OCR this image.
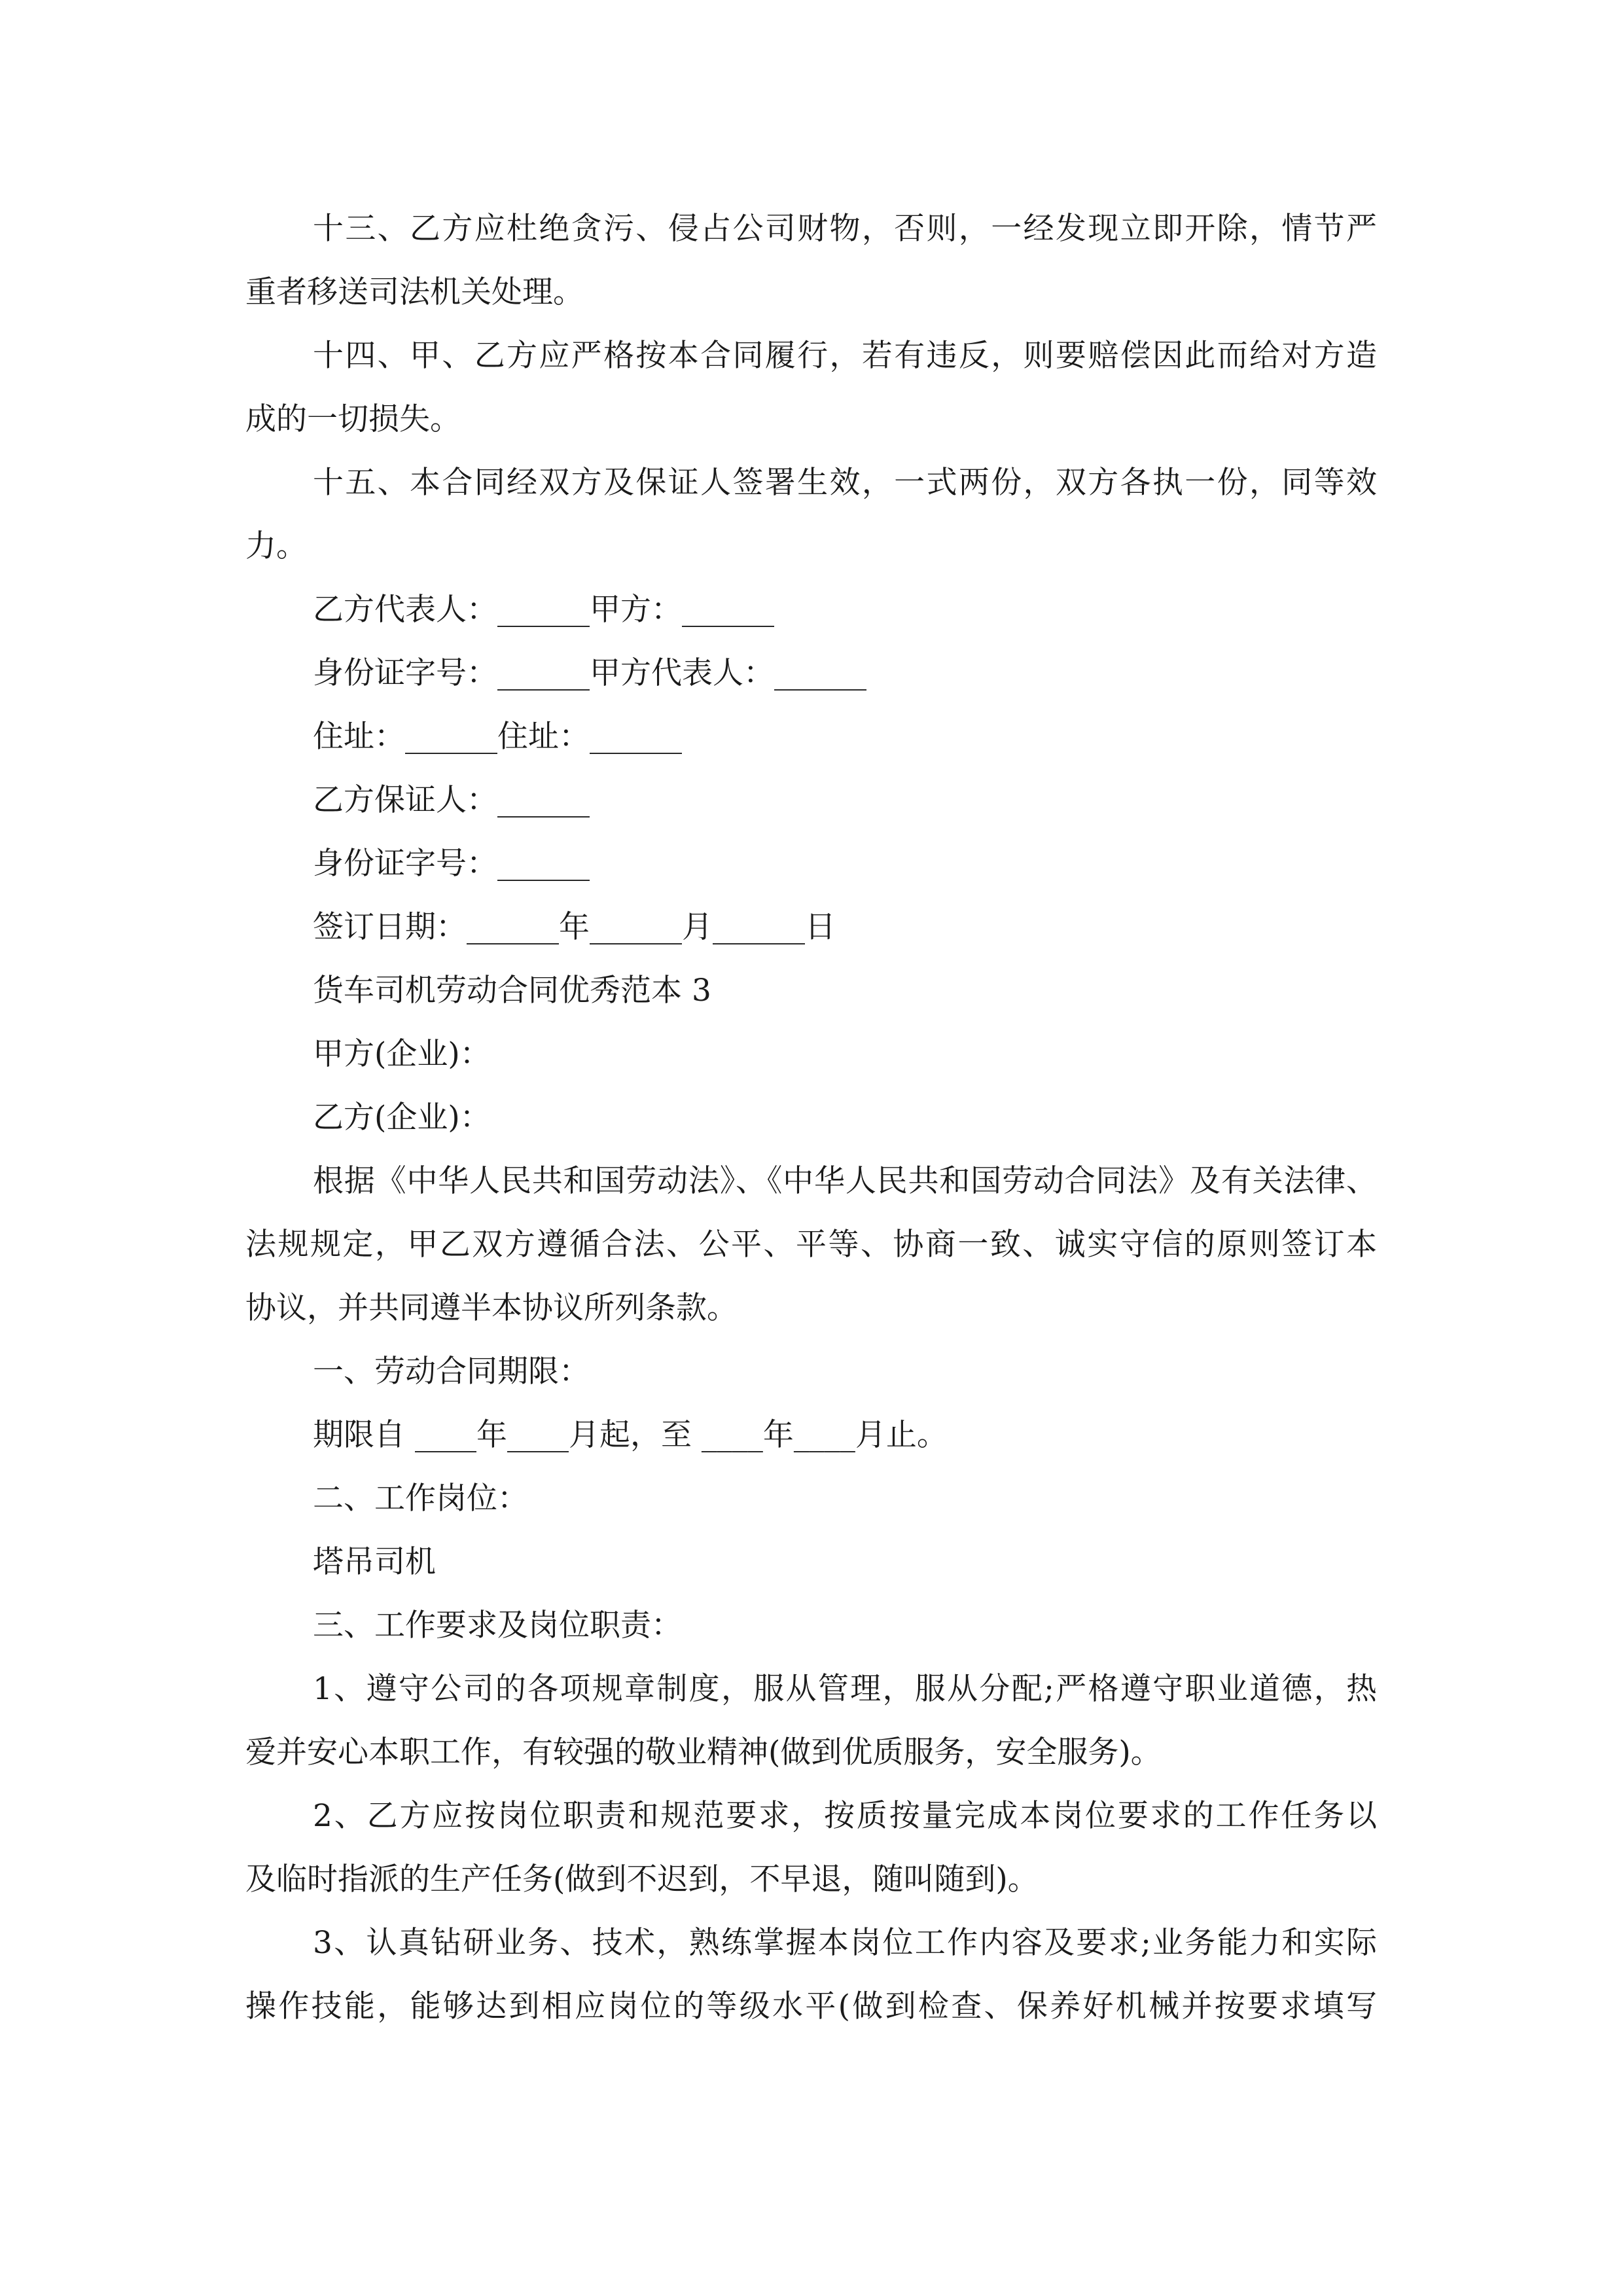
十三、乙方应杜绝贪污、侵占公司财物，否则，一经发现立即开除，情节严
重者移送司法机关处理。
十四、甲、乙方应严格按本合同履行，若有违反，则要赔偿因此而给对方造
成的一切损失。
十五、本合同经双方及保证人签署生效，一式两份，双方各执一份，同等效
力。
乙方代表人：______甲方：______
身份证字号：______甲方代表人：______
住址：______住址：______
乙方保证人：______
身份证字号：______
签订日期：______年______月______日
货车司机劳动合同优秀范本 3
甲方(企业)：
乙方(企业)：
根据《中华人民共和国劳动法》、《中华人民共和国劳动合同法》及有关法律、
法规规定，甲乙双方遵循合法、公平、平等、协商一致、诚实守信的原则签订本
协议，并共同遵半本协议所列条款。
一、劳动合同期限：
期限自 ____年____月起，至 ____年____月止。
二、工作岗位：
塔吊司机
三、工作要求及岗位职责：
1、遵守公司的各项规章制度，服从管理，服从分配;严格遵守职业道德，热
爱并安心本职工作，有较强的敬业精神(做到优质服务，安全服务)。
2、乙方应按岗位职责和规范要求，按质按量完成本岗位要求的工作任务以
及临时指派的生产任务(做到不迟到，不早退，随叫随到)。
3、认真钻研业务、技术，熟练掌握本岗位工作内容及要求;业务能力和实际
操作技能，能够达到相应岗位的等级水平(做到检查、保养好机械并按要求填写
